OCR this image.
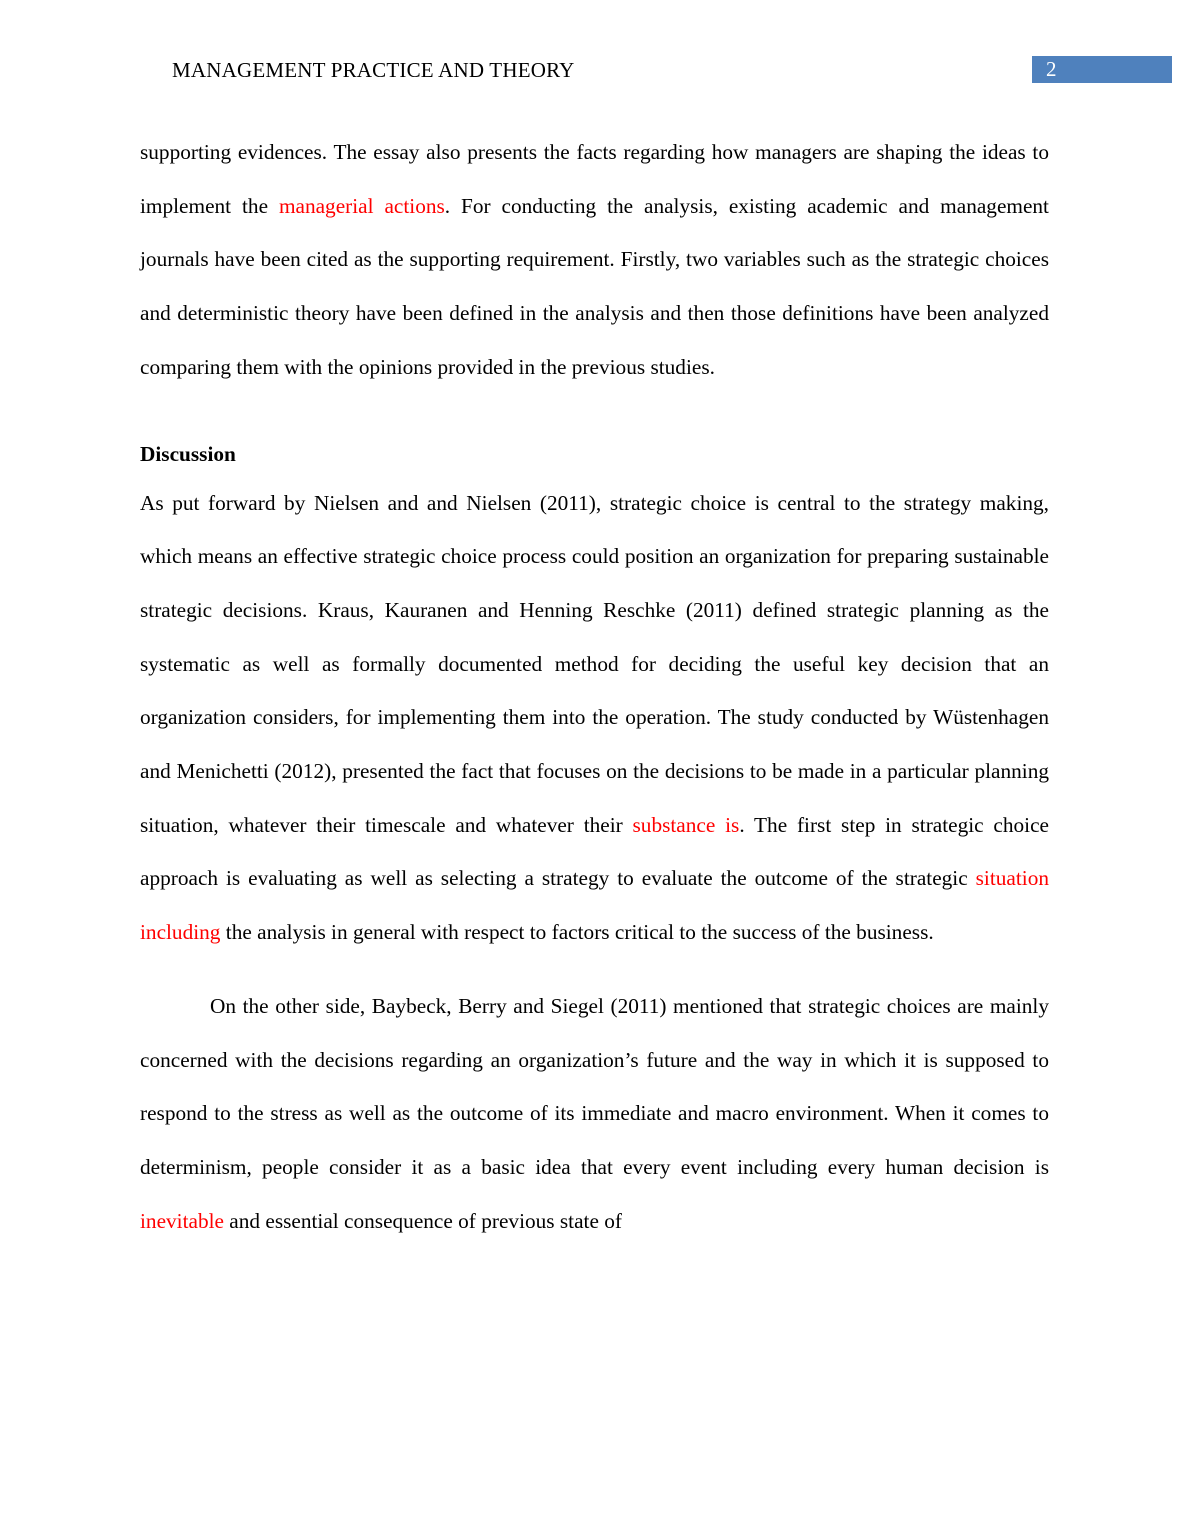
MANAGEMENT PRACTICE AND THEORY	2

supporting evidences. The essay also presents the facts regarding how managers are shaping the ideas to implement the managerial actions. For conducting the analysis, existing academic and management journals have been cited as the supporting requirement. Firstly, two variables such as the strategic choices and deterministic theory have been defined in the analysis and then those definitions have been analyzed comparing them with the opinions provided in the previous studies.

Discussion

As put forward by Nielsen and and Nielsen (2011), strategic choice is central to the strategy making, which means an effective strategic choice process could position an organization for preparing sustainable strategic decisions. Kraus, Kauranen and Henning Reschke (2011) defined strategic planning as the systematic as well as formally documented method for deciding the useful key decision that an organization considers, for implementing them into the operation. The study conducted by Wüstenhagen and Menichetti (2012), presented the fact that focuses on the decisions to be made in a particular planning situation, whatever their timescale and whatever their substance is. The first step in strategic choice approach is evaluating as well as selecting a strategy to evaluate the outcome of the strategic situation including the analysis in general with respect to factors critical to the success of the business.

On the other side, Baybeck, Berry and Siegel (2011) mentioned that strategic choices are mainly concerned with the decisions regarding an organization’s future and the way in which it is supposed to respond to the stress as well as the outcome of its immediate and macro environment. When it comes to determinism, people consider it as a basic idea that every event including every human decision is inevitable and essential consequence of previous state of
